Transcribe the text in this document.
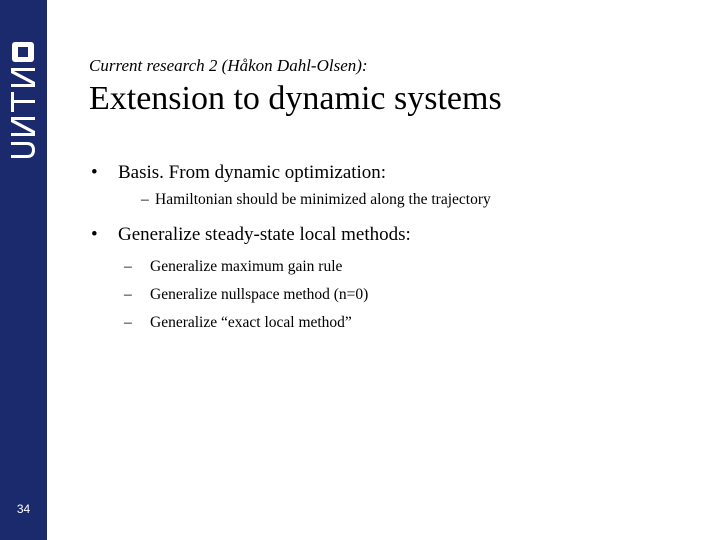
34
Current research 2 (Håkon Dahl-Olsen):
Extension to dynamic systems
• Basis. From dynamic optimization:
– Hamiltonian should be minimized along the trajectory
• Generalize steady-state local methods:
– Generalize maximum gain rule
– Generalize nullspace method (n=0)
– Generalize “exact local method”
